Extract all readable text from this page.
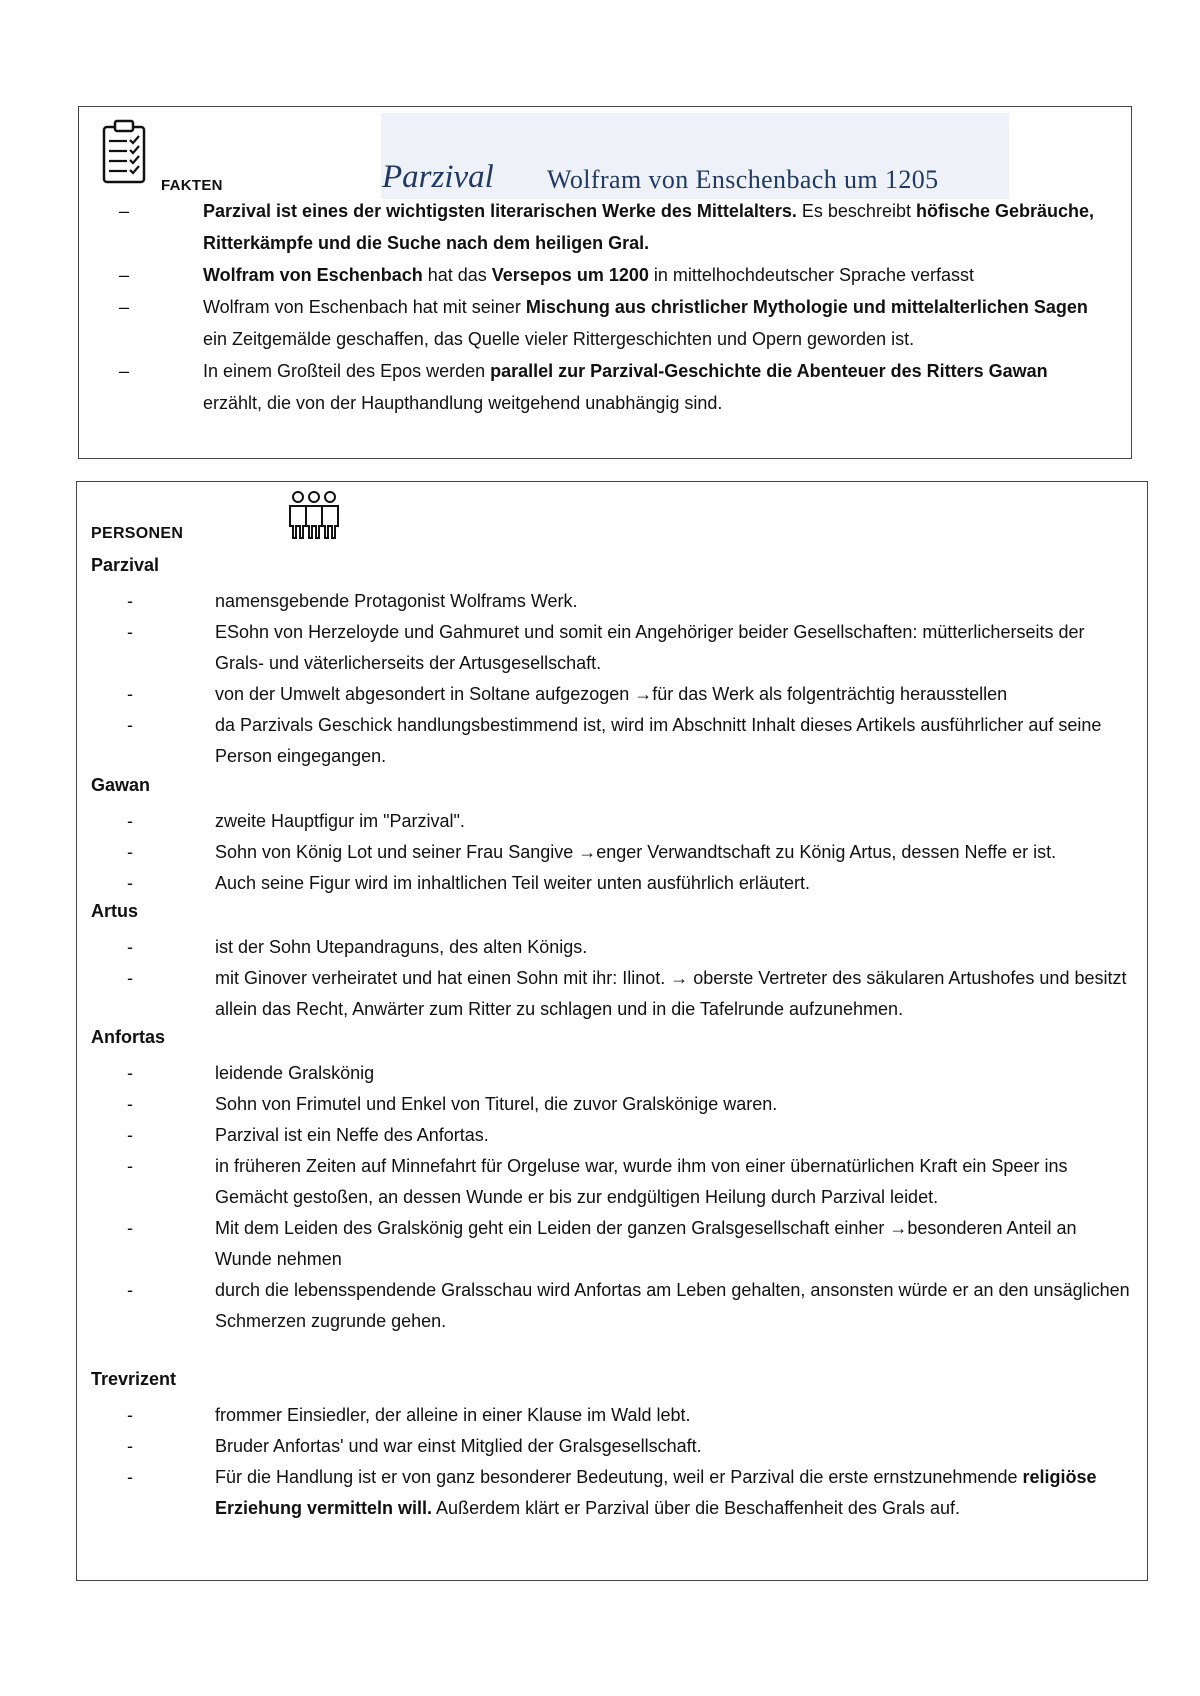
FAKTEN	Parzival Wolfram von Enschenbach um 1205
–	Parzival ist eines der wichtigsten literarischen Werke des Mittelalters. Es beschreibt höfische Gebräuche, Ritterkämpfe und die Suche nach dem heiligen Gral.
–	Wolfram von Eschenbach hat das Versepos um 1200 in mittelhochdeutscher Sprache verfasst
–	Wolfram von Eschenbach hat mit seiner Mischung aus christlicher Mythologie und mittelalterlichen Sagen ein Zeitgemälde geschaffen, das Quelle vieler Rittergeschichten und Opern geworden ist.
–	In einem Großteil des Epos werden parallel zur Parzival-Geschichte die Abenteuer des Ritters Gawan erzählt, die von der Haupthandlung weitgehend unabhängig sind.
PERSONEN
Parzival
-	namensgebende Protagonist Wolframs Werk.
-	ESohn von Herzeloyde und Gahmuret und somit ein Angehöriger beider Gesellschaften: mütterlicherseits der Grals- und väterlicherseits der Artusgesellschaft.
-	von der Umwelt abgesondert in Soltane aufgezogen →für das Werk als folgenträchtig herausstellen
-	da Parzivals Geschick handlungsbestimmend ist, wird im Abschnitt Inhalt dieses Artikels ausführlicher auf seine Person eingegangen.
Gawan
-	zweite Hauptfigur im "Parzival".
-	Sohn von König Lot und seiner Frau Sangive →enger Verwandtschaft zu König Artus, dessen Neffe er ist.
-	Auch seine Figur wird im inhaltlichen Teil weiter unten ausführlich erläutert.
Artus
-	ist der Sohn Utepandraguns, des alten Königs.
-	mit Ginover verheiratet und hat einen Sohn mit ihr: Ilinot. → oberste Vertreter des säkularen Artushofes und besitzt allein das Recht, Anwärter zum Ritter zu schlagen und in die Tafelrunde aufzunehmen.
Anfortas
-	leidende Gralskönig
-	Sohn von Frimutel und Enkel von Titurel, die zuvor Gralskönige waren.
-	Parzival ist ein Neffe des Anfortas.
-	in früheren Zeiten auf Minnefahrt für Orgeluse war, wurde ihm von einer übernatürlichen Kraft ein Speer ins Gemächt gestoßen, an dessen Wunde er bis zur endgültigen Heilung durch Parzival leidet.
-	Mit dem Leiden des Gralskönig geht ein Leiden der ganzen Gralsgesellschaft einher →besonderen Anteil an Wunde nehmen
-	durch die lebensspendende Gralsschau wird Anfortas am Leben gehalten, ansonsten würde er an den unsäglichen Schmerzen zugrunde gehen.
Trevrizent
-	frommer Einsiedler, der alleine in einer Klause im Wald lebt.
-	Bruder Anfortas' und war einst Mitglied der Gralsgesellschaft.
-	Für die Handlung ist er von ganz besonderer Bedeutung, weil er Parzival die erste ernstzunehmende religiöse Erziehung vermitteln will. Außerdem klärt er Parzival über die Beschaffenheit des Grals auf.
